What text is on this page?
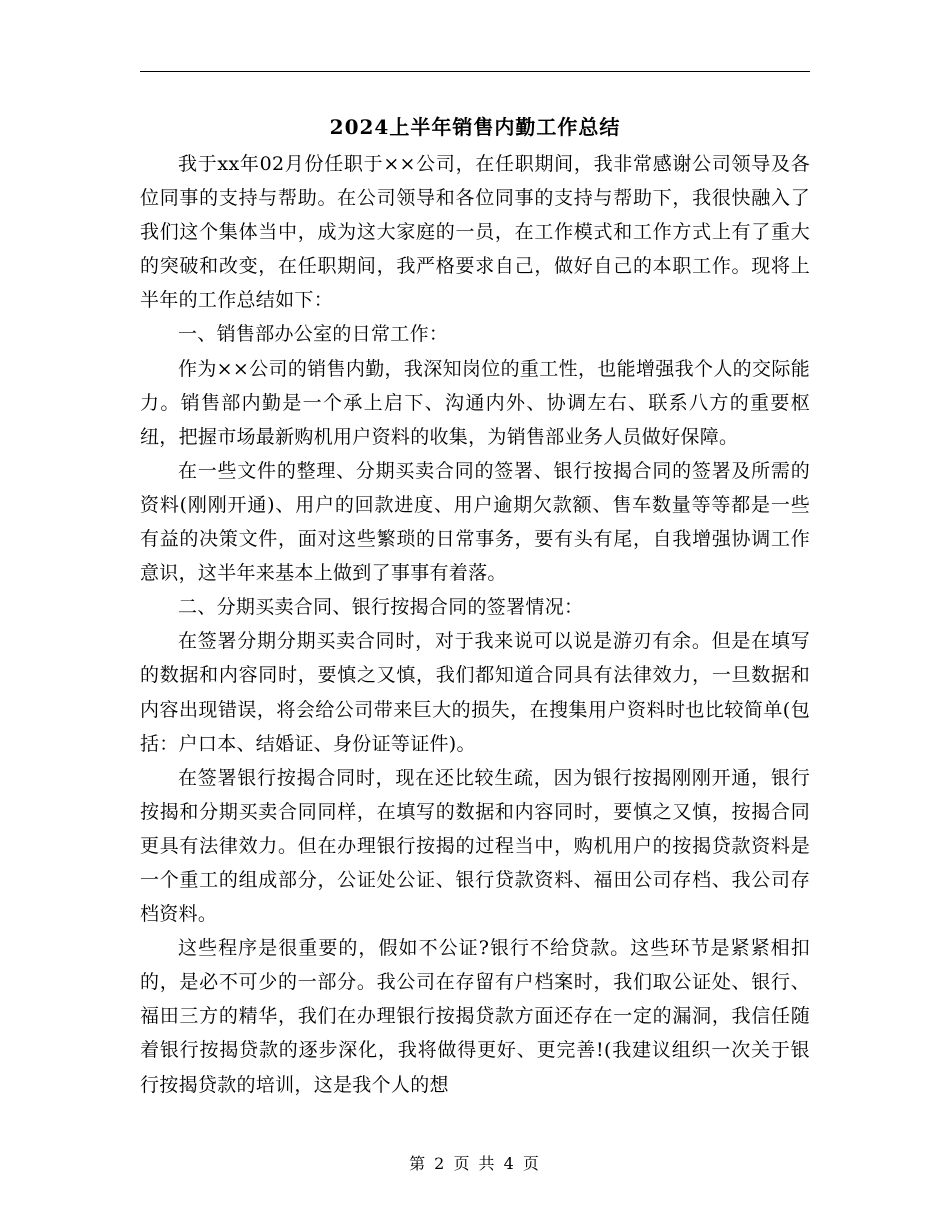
2024上半年销售内勤工作总结

我于xx年02月份任职于××公司，在任职期间，我非常感谢公司领导及各位同事的支持与帮助。在公司领导和各位同事的支持与帮助下，我很快融入了我们这个集体当中，成为这大家庭的一员，在工作模式和工作方式上有了重大的突破和改变，在任职期间，我严格要求自己，做好自己的本职工作。现将上半年的工作总结如下：

一、销售部办公室的日常工作：

作为××公司的销售内勤，我深知岗位的重工性，也能增强我个人的交际能力。销售部内勤是一个承上启下、沟通内外、协调左右、联系八方的重要枢纽，把握市场最新购机用户资料的收集，为销售部业务人员做好保障。

在一些文件的整理、分期买卖合同的签署、银行按揭合同的签署及所需的资料(刚刚开通)、用户的回款进度、用户逾期欠款额、售车数量等等都是一些有益的决策文件，面对这些繁琐的日常事务，要有头有尾，自我增强协调工作意识，这半年来基本上做到了事事有着落。

二、分期买卖合同、银行按揭合同的签署情况：

在签署分期分期买卖合同时，对于我来说可以说是游刃有余。但是在填写的数据和内容同时，要慎之又慎，我们都知道合同具有法律效力，一旦数据和内容出现错误，将会给公司带来巨大的损失，在搜集用户资料时也比较简单(包括：户口本、结婚证、身份证等证件)。

在签署银行按揭合同时，现在还比较生疏，因为银行按揭刚刚开通，银行按揭和分期买卖合同同样，在填写的数据和内容同时，要慎之又慎，按揭合同更具有法律效力。但在办理银行按揭的过程当中，购机用户的按揭贷款资料是一个重工的组成部分，公证处公证、银行贷款资料、福田公司存档、我公司存档资料。

这些程序是很重要的，假如不公证?银行不给贷款。这些环节是紧紧相扣的，是必不可少的一部分。我公司在存留有户档案时，我们取公证处、银行、福田三方的精华，我们在办理银行按揭贷款方面还存在一定的漏洞，我信任随着银行按揭贷款的逐步深化，我将做得更好、更完善!(我建议组织一次关于银行按揭贷款的培训，这是我个人的想

第 2 页 共 4 页
